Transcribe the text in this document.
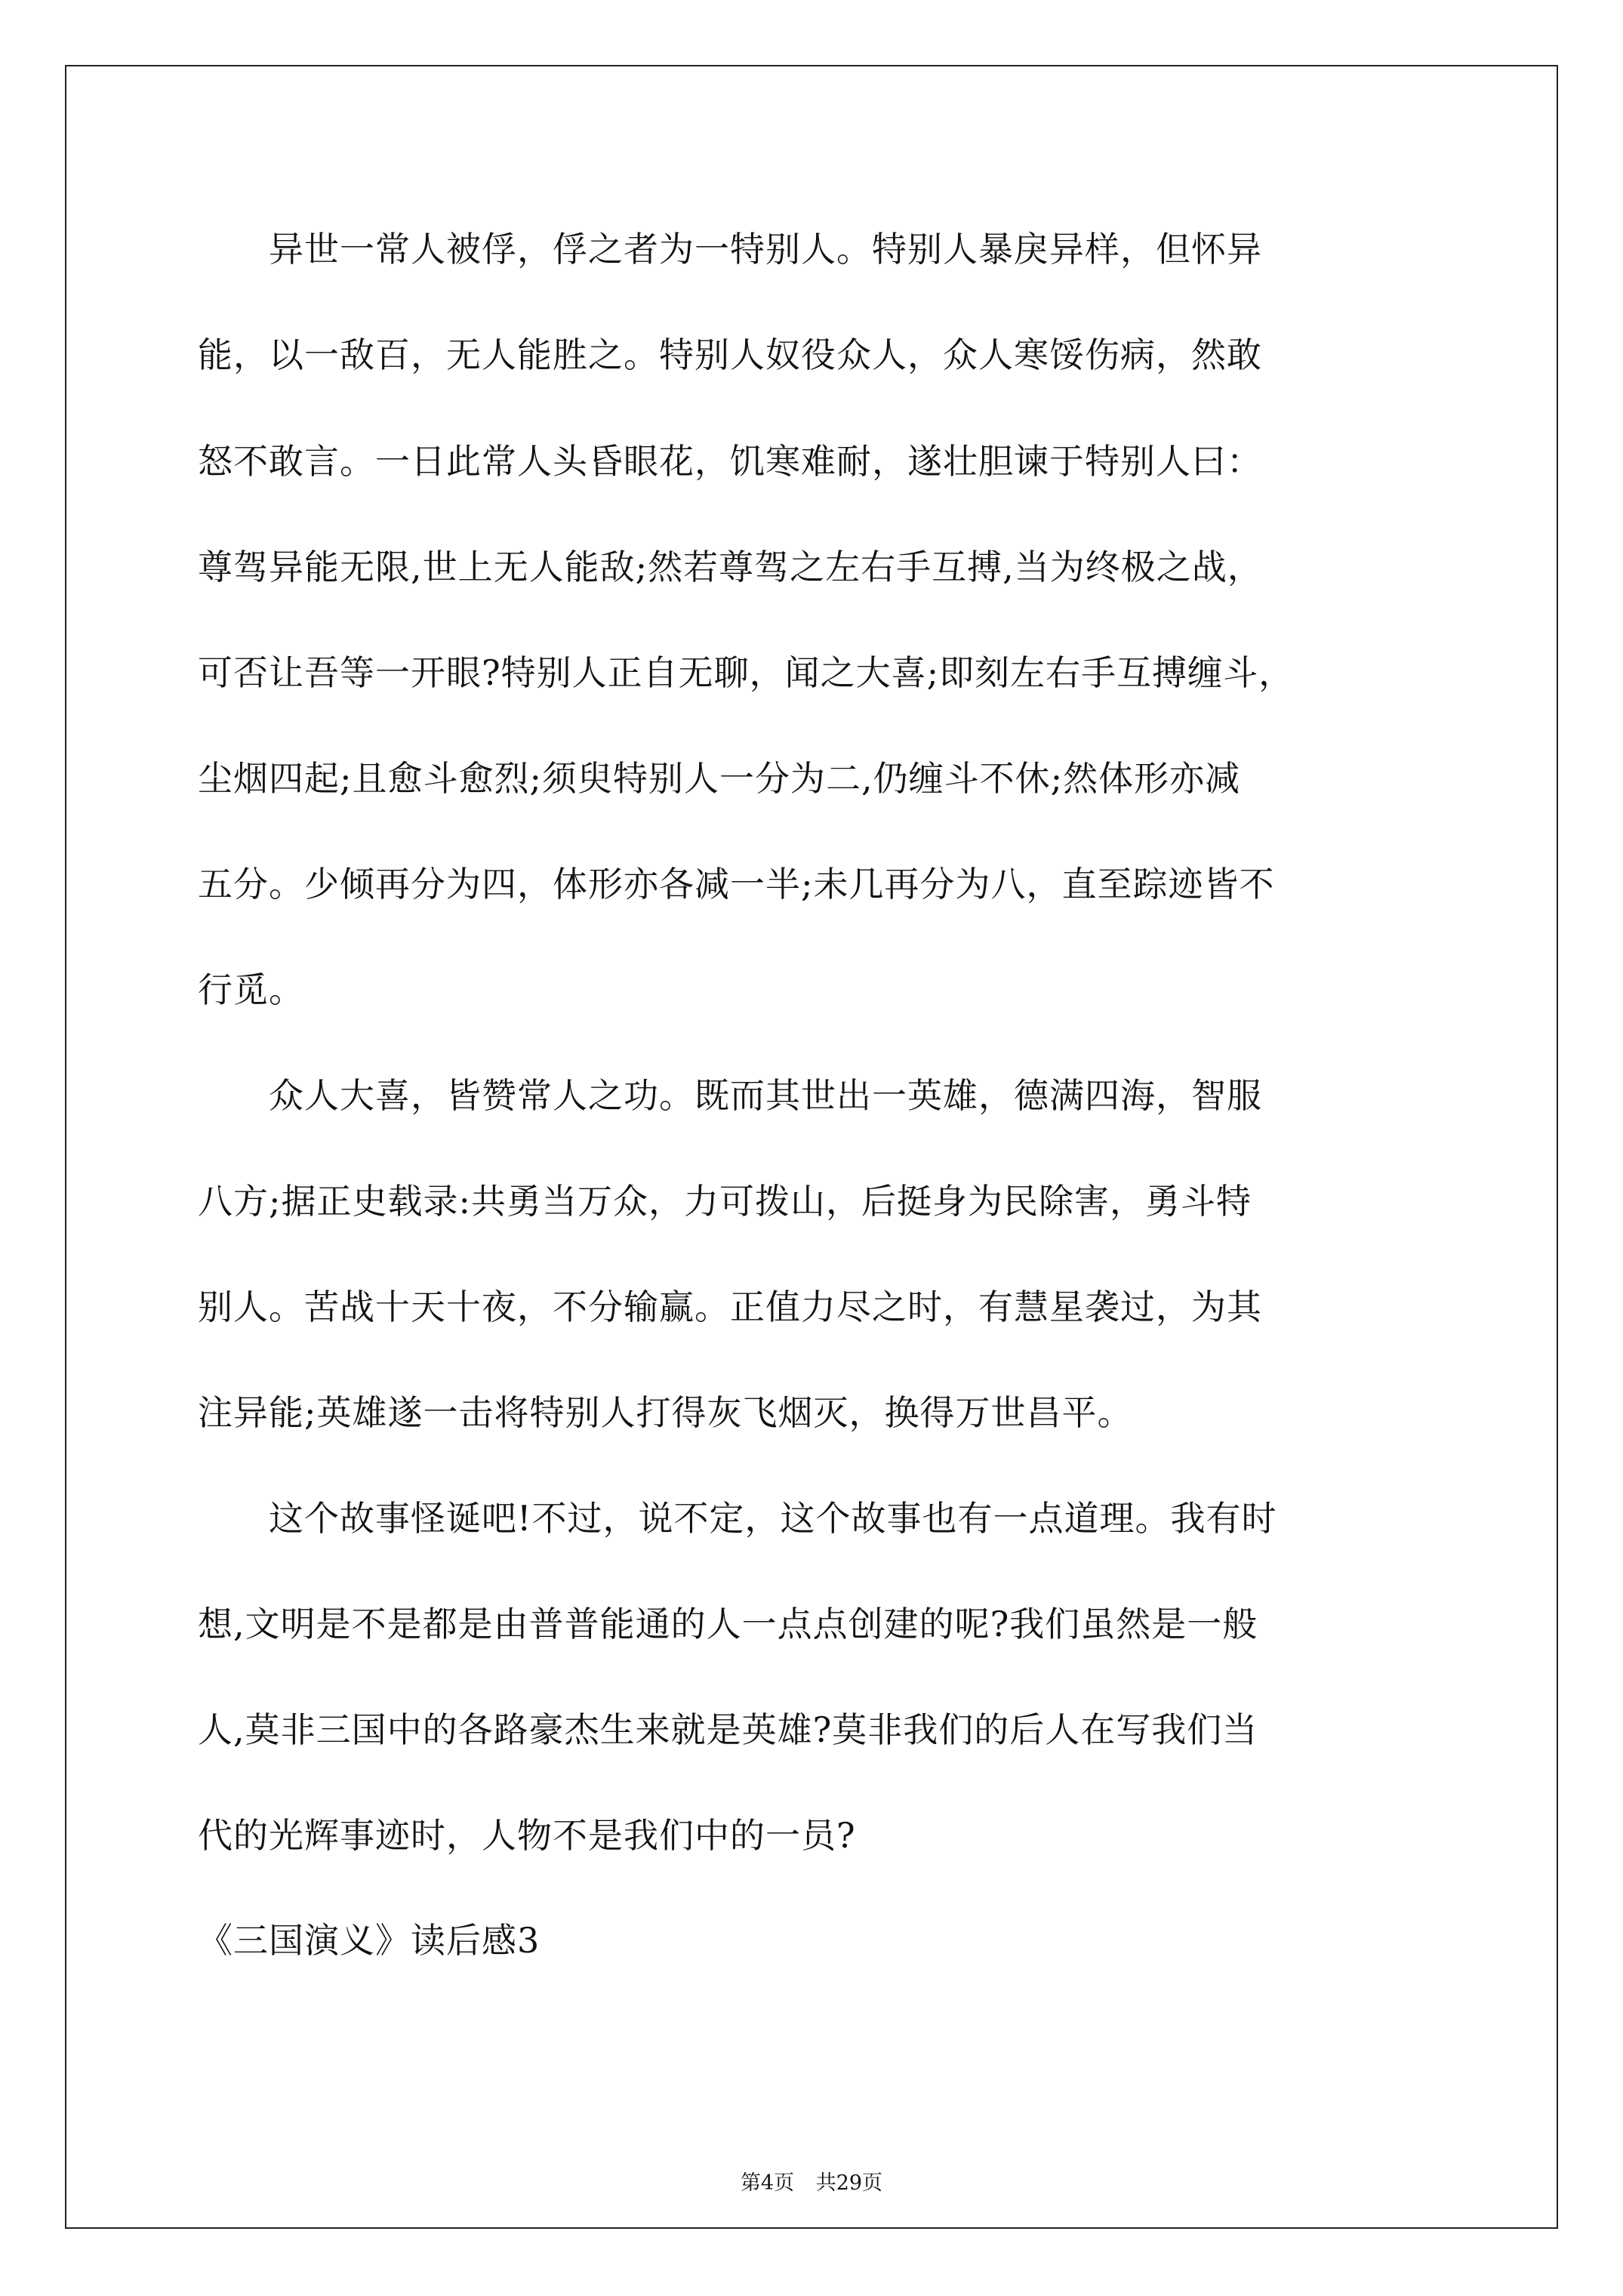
　　异世一常人被俘，俘之者为一特别人。特别人暴戾异样，但怀异
能，以一敌百，无人能胜之。特别人奴役众人，众人寒馁伤病，然敢
怒不敢言。一日此常人头昏眼花，饥寒难耐，遂壮胆谏于特别人曰：
尊驾异能无限,世上无人能敌;然若尊驾之左右手互搏,当为终极之战，
可否让吾等一开眼?特别人正自无聊，闻之大喜;即刻左右手互搏缠斗，
尘烟四起;且愈斗愈烈;须臾特别人一分为二,仍缠斗不休;然体形亦减
五分。少倾再分为四，体形亦各减一半;未几再分为八，直至踪迹皆不
行觅。
　　众人大喜，皆赞常人之功。既而其世出一英雄，德满四海，智服
八方;据正史载录:共勇当万众，力可拨山，后挺身为民除害，勇斗特
别人。苦战十天十夜，不分输赢。正值力尽之时，有慧星袭过，为其
注异能;英雄遂一击将特别人打得灰飞烟灭，换得万世昌平。
　　这个故事怪诞吧!不过，说不定，这个故事也有一点道理。我有时
想,文明是不是都是由普普能通的人一点点创建的呢?我们虽然是一般
人,莫非三国中的各路豪杰生来就是英雄?莫非我们的后人在写我们当
代的光辉事迹时，人物不是我们中的一员?
《三国演义》读后感3
第4页 共29页
